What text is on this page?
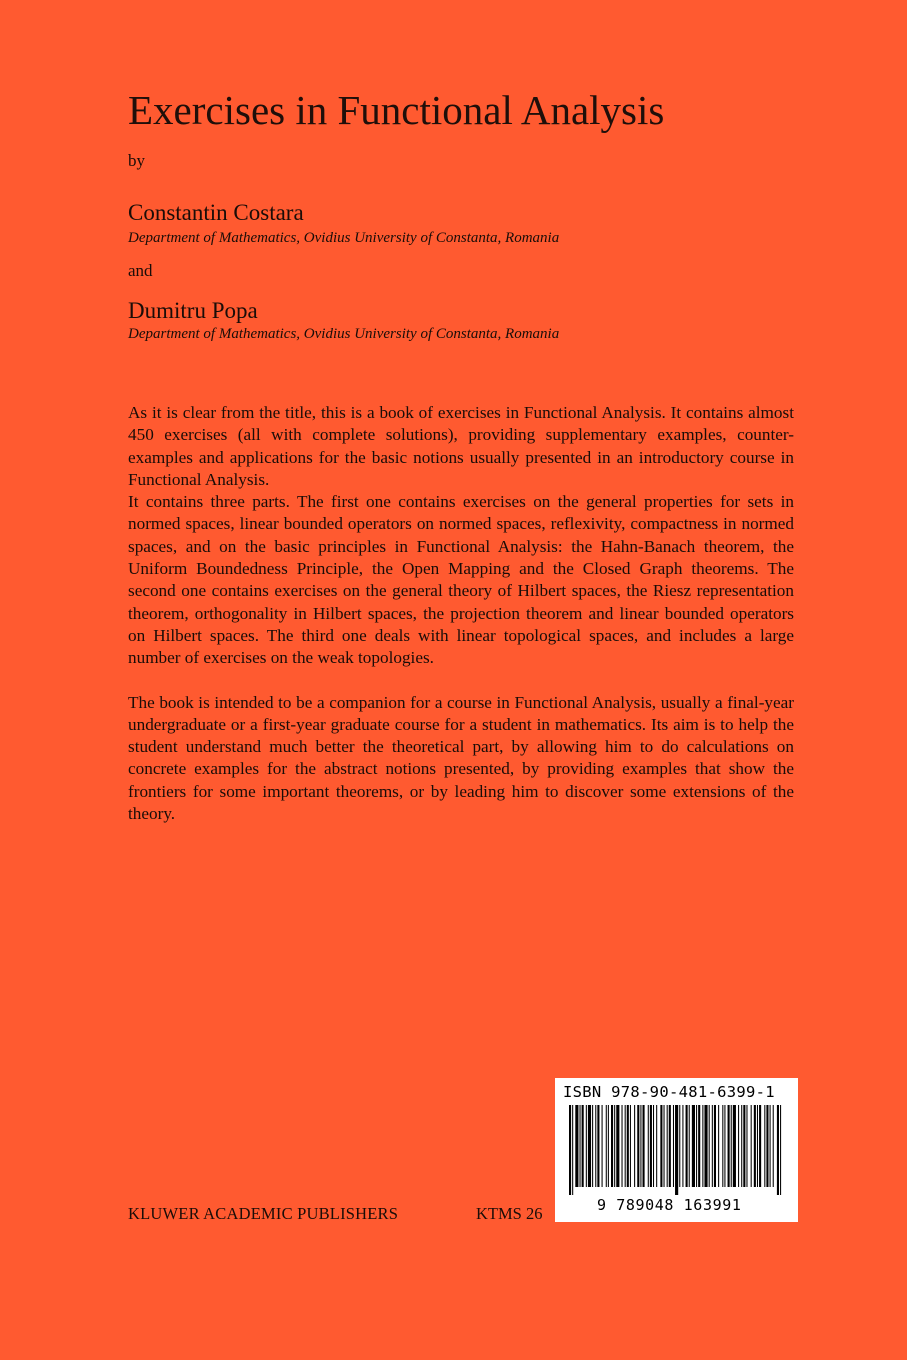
Exercises in Functional Analysis
by
Constantin Costara
Department of Mathematics, Ovidius University of Constanta, Romania
and
Dumitru Popa
Department of Mathematics, Ovidius University of Constanta, Romania

As it is clear from the title, this is a book of exercises in Functional Analysis. It contains almost 450 exercises (all with complete solutions), providing supplementary examples, counter-examples and applications for the basic notions usually presented in an introductory course in Functional Analysis.

It contains three parts. The first one contains exercises on the general properties for sets in normed spaces, linear bounded operators on normed spaces, reflexivity, compactness in normed spaces, and on the basic principles in Functional Analysis: the Hahn-Banach theorem, the Uniform Boundedness Principle, the Open Mapping and the Closed Graph theorems. The second one contains exercises on the general theory of Hilbert spaces, the Riesz representation theorem, orthogonality in Hilbert spaces, the projection theorem and linear bounded operators on Hilbert spaces. The third one deals with linear topological spaces, and includes a large number of exercises on the weak topologies.

The book is intended to be a companion for a course in Functional Analysis, usually a final-year undergraduate or a first-year graduate course for a student in mathematics. Its aim is to help the student understand much better the theoretical part, by allowing him to do calculations on concrete examples for the abstract notions presented, by providing examples that show the frontiers for some important theorems, or by leading him to discover some extensions of the theory.

KLUWER ACADEMIC PUBLISHERS	KTMS 26
ISBN 978-90-481-6399-1
9 789048 163991
